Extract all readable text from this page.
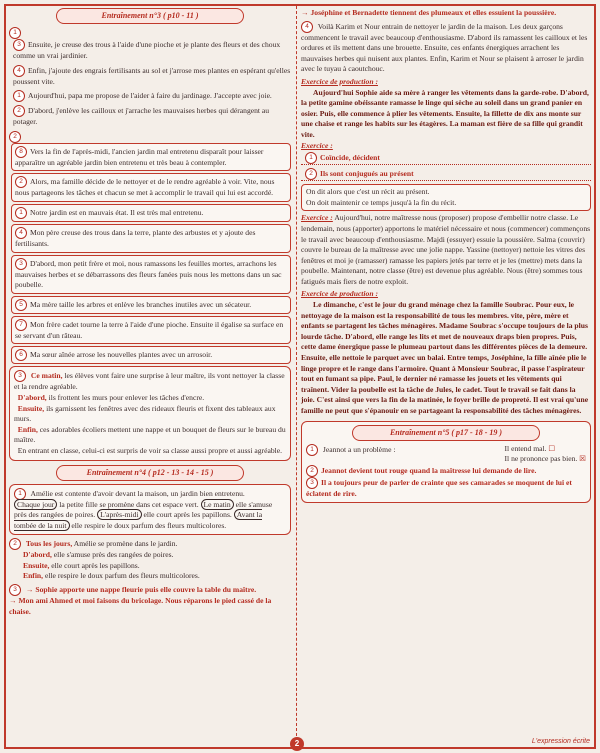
Entraînement n°3 ( p10 - 11 )
1
3 Ensuite, je creuse des trous à l'aide d'une pioche et je plante des fleurs et des choux comme un vrai jardinier.
4 Enfin, j'ajoute des engrais fertilisants au sol et j'arrose mes plantes en espérant qu'elles poussent vite.
1 Aujourd'hui, papa me propose de l'aider à faire du jardinage. J'accepte avec joie.
2 D'abord, j'enlève les cailloux et j'arrache les mauvaises herbes qui dérangent au potager.
2
8 Vers la fin de l'après-midi, l'ancien jardin mal entretenu disparaît pour laisser apparaître un agréable jardin bien entretenu et très beau à contempler.
2 Alors, ma famille décide de le nettoyer et de le rendre agréable à voir. Vite, nous nous partageons les tâches et chacun se met à accomplir le travail qui lui est accordé.
1 Notre jardin est en mauvais état. Il est très mal entretenu.
4 Mon père creuse des trous dans la terre, plante des arbustes et y ajoute des fertilisants.
3 D'abord, mon petit frère et moi, nous ramassons les feuilles mortes, arrachons les mauvaises herbes et se débarrassons des fleurs fanées puis nous les mettons dans un sac poubelle.
5 Ma mère taille les arbres et enlève les branches inutiles avec un sécateur.
7 Mon frère cadet tourne la terre à l'aide d'une pioche. Ensuite il égalise sa surface en se servant d'un râteau.
6 Ma sœur aînée arrose les nouvelles plantes avec un arrosoir.
3 Ce matin, les élèves vont faire une surprise à leur maître, ils vont nettoyer la classe et la rendre agréable.
D'abord, ils frottent les murs pour enlever les tâches d'encre.
Ensuite, ils garnissent les fenêtres avec des rideaux fleuris et fixent des tableaux aux murs.
Enfin, ces adorables écoliers mettent une nappe et un bouquet de fleurs sur le bureau du maître.
En entrant en classe, celui-ci est surpris de voir sa classe aussi propre et aussi agréable.
Entraînement n°4 ( p12 - 13 - 14 - 15 )
1 Amélie est contente d'avoir devant la maison, un jardin bien entretenu.
Chaque jour la petite fille se promène dans cet espace vert. Le matin elle s'amuse près des rangées de poires. L'après-midi elle court après les papillons. Avant la tombée de la nuit elle respire le doux parfum des fleurs multicolores.
2 Tous les jours, Amélie se promène dans le jardin.
D'abord, elle s'amuse près des rangées de poires.
Ensuite, elle court après les papillons.
Enfin, elle respire le doux parfum des fleurs multicolores.
3 → Sophie apporte une nappe fleurie puis elle couvre la table du maître.
→ Mon ami Ahmed et moi faisons du bricolage. Nous réparons le pied cassé de la chaise.
→ Joséphine et Bernadette tiennent des plumeaux et elles essuient la poussière.
4 Voilà Karim et Nour entrain de nettoyer le jardin de la maison. Les deux garçons commencent le travail avec beaucoup d'enthousiasme. D'abord ils ramassent les cailloux et les ordures et ils mettent dans une brouette. Ensuite, ces enfants énergiques arrachent les mauvaises herbes qui nuisent aux plantes. Enfin, Karim et Nour se plaisent à arroser le jardin avec le tuyau à caoutchouc.
Exercice de production :
Aujourd'hui Sophie aide sa mère à ranger les vêtements dans la garde-robe. D'abord, la petite gamine obéissante ramasse le linge qui sèche au soleil dans un grand panier en osier. Puis, elle commence à plier les vêtements. Ensuite, la fillette de dix ans monte sur une chaise et range les habits sur les étagères. La maman est fière de sa fille qui grandit vite.
Exercice :
1 Coïncide, décident
2 Ils sont conjugués au présent
On dit alors que c'est un récit au présent.
On doit maintenir ce temps jusqu'à la fin du récit.
Exercice : Aujourd'hui, notre maîtresse nous (proposer) propose d'embellir notre classe. Le lendemain, nous (apporter) apportons le matériel nécessaire et nous (commencer) commençons le travail avec beaucoup d'enthousiasme. Majdi (essuyer) essuie la poussière. Salma (couvrir) couvre le bureau de la maîtresse avec une jolie nappe. Yassine (nettoyer) nettoie les vitres des fenêtres et moi je (ramasser) ramasse les papiers jetés par terre et je les (mettre) mets dans la poubelle. Maintenant, notre classe (être) est devenue plus agréable. Nous (être) sommes tous fatigués mais fiers de notre exploit.
Exercice de production :
Le dimanche, c'est le jour du grand ménage chez la famille Soubrac. Pour eux, le nettoyage de la maison est la responsabilité de tous les membres. vite, père, mère et enfants se partagent les tâches ménagères. Madame Soubrac s'occupe toujours de la plus lourde tâche. D'abord, elle range les lits et met de nouveaux draps bien propres. Puis, cette dame énergique passe le plumeau partout dans les différentes pièces de la demeure. Ensuite, elle nettoie le parquet avec un balai. Entre temps, Joséphine, la fille aînée plie le linge propre et le range dans l'armoire. Quant à Monsieur Soubrac, il passe l'aspirateur tout en fumant sa pipe. Paul, le dernier né ramasse les jouets et les vêtements qui traînent. Vider la poubelle est la tâche de Jules, le cadet. Tout le travail se fait dans la joie. C'est ainsi que vers la fin de la matinée, le foyer brille de propreté. Il est vrai qu'une famille ne peut que s'épanouir en se partageant la responsabilité des tâches ménagères.
Entraînement n°5 ( p17 - 18 - 19 )
1 Jeannot a un problème :	Il entend mal. ☐
Il ne prononce pas bien. ☒
2 Jeannot devient tout rouge quand la maîtresse lui demande de lire.
3 Il a toujours peur de parler de crainte que ses camarades se moquent de lui et éclatent de rire.
2	L'expression écrite
